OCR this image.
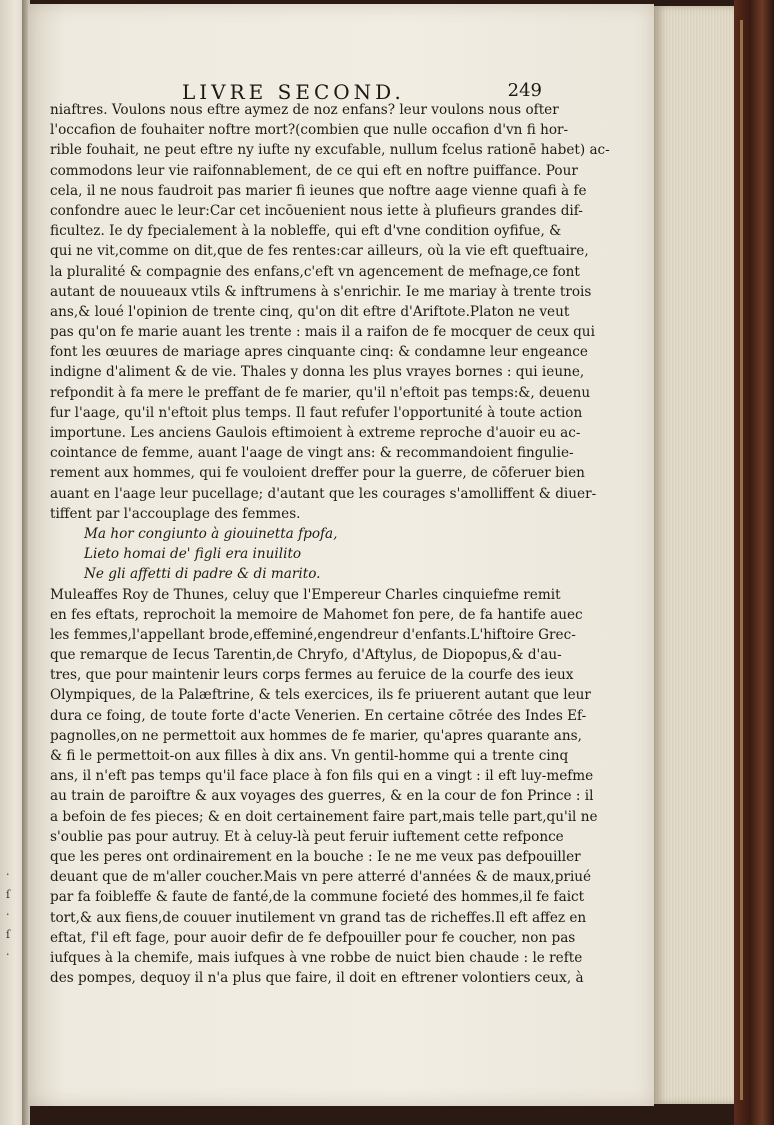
·
ſ
·
ſ
·
LIVRE SECOND.	249
niaftres. Voulons nous eftre aymez de noz enfans? leur voulons nous ofter
l'occafion de fouhaiter noftre mort?(combien que nulle occafion d'vn fi hor-
rible fouhait, ne peut eftre ny iufte ny excufable, nullum fcelus rationē habet) ac-
commodons leur vie raifonnablement, de ce qui eft en noftre puiffance. Pour
cela, il ne nous faudroit pas marier fi ieunes que noftre aage vienne quafi à fe
confondre auec le leur:Car cet incōuenient nous iette à plufieurs grandes dif-
ficultez. Ie dy fpecialement à la nobleffe, qui eft d'vne condition oyfifue, &
qui ne vit,comme on dit,que de fes rentes:car ailleurs, où la vie eft queftuaire,
la pluralité & compagnie des enfans,c'eft vn agencement de mefnage,ce font
autant de nouueaux vtils & inftrumens à s'enrichir. Ie me mariay à trente trois
ans,& loué l'opinion de trente cinq, qu'on dit eftre d'Ariftote.Platon ne veut
pas qu'on fe marie auant les trente : mais il a raifon de fe mocquer de ceux qui
font les œuures de mariage apres cinquante cinq: & condamne leur engeance
indigne d'aliment & de vie. Thales y donna les plus vrayes bornes : qui ieune,
refpondit à fa mere le preffant de fe marier, qu'il n'eftoit pas temps:&, deuenu
fur l'aage, qu'il n'eftoit plus temps. Il faut refufer l'opportunité à toute action
importune. Les anciens Gaulois eftimoient à extreme reproche d'auoir eu ac-
cointance de femme, auant l'aage de vingt ans: & recommandoient fingulie-
rement aux hommes, qui fe vouloient dreffer pour la guerre, de cōferuer bien
auant en l'aage leur pucellage; d'autant que les courages s'amolliffent & diuer-
tiffent par l'accouplage des femmes.
Ma hor congiunto à giouinetta fpofa,
Lieto homai de' figli era inuilito
Ne gli affetti di padre & di marito.
Muleaffes Roy de Thunes, celuy que l'Empereur Charles cinquiefme remit
en fes eftats, reprochoit la memoire de Mahomet fon pere, de fa hantife auec
les femmes,l'appellant brode,effeminé,engendreur d'enfants.L'hiftoire Grec-
que remarque de Iecus Tarentin,de Chryfo, d'Aftylus, de Diopopus,& d'au-
tres, que pour maintenir leurs corps fermes au feruice de la courfe des ieux
Olympiques, de la Palæftrine, & tels exercices, ils fe priuerent autant que leur
dura ce foing, de toute forte d'acte Venerien. En certaine cōtrée des Indes Ef-
pagnolles,on ne permettoit aux hommes de fe marier, qu'apres quarante ans,
& fi le permettoit-on aux filles à dix ans. Vn gentil-homme qui a trente cinq
ans, il n'eft pas temps qu'il face place à fon fils qui en a vingt : il eft luy-mefme
au train de paroiftre & aux voyages des guerres, & en la cour de fon Prince : il
a befoin de fes pieces; & en doit certainement faire part,mais telle part,qu'il ne
s'oublie pas pour autruy. Et à celuy-là peut feruir iuftement cette refponce
que les peres ont ordinairement en la bouche : Ie ne me veux pas defpouiller
deuant que de m'aller coucher.Mais vn pere atterré d'années & de maux,priué
par fa foibleffe & faute de fanté,de la commune focieté des hommes,il fe faict
tort,& aux fiens,de couuer inutilement vn grand tas de richeffes.Il eft affez en
eftat, f'il eft fage, pour auoir defir de fe defpouiller pour fe coucher, non pas
iufques à la chemife, mais iufques à vne robbe de nuict bien chaude : le refte
des pompes, dequoy il n'a plus que faire, il doit en eftrener volontiers ceux, à
